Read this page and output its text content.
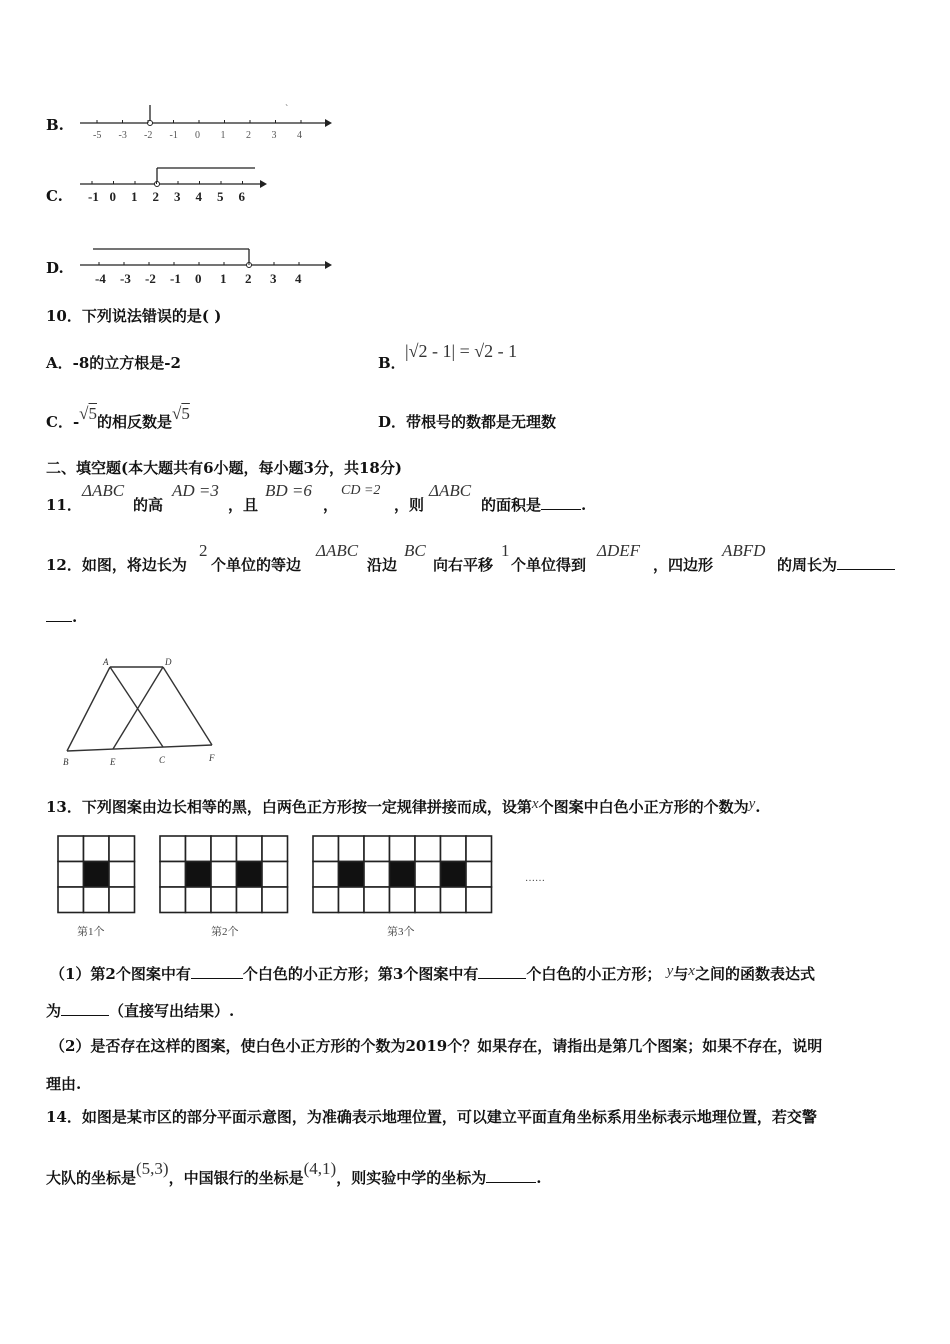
B.
`
-5 -3 -2 -1 0 1 2 3 4
C. -1 0 1 2 3 4 5 6
D.
-4 -3 -2 -1 0 1 2 3 4
10．下列说法错误的是( )
A．-8的立方根是-2	B．
|√2 - 1| = √2 - 1
C．-√5的相反数是√5	D．带根号的数都是无理数
二、填空题(本大题共有6小题，每小题3分，共18分)
11．
ΔABC
的高
AD =3
，且
BD =6
，
CD =2
，则
ΔABC
的面积是	.
12．如图，将边长为
2
个单位的等边
ΔABC
沿边
BC
向右平移
1
个单位得到
ΔDEF
，四边形
ABFD
的周长为
.
A	D
B	E	C	F
13．下列图案由边长相等的黑，白两色正方形按一定规律拼接而成，设第x个图案中白色小正方形的个数为y.
第1个	第2个	第3个
……
（1）第2个图案中有	个白色的小正方形；第3个图案中有	个白色的小正方形； y与x之间的函数表达式
为	（直接写出结果）.
（2）是否存在这样的图案，使白色小正方形的个数为2019个？如果存在，请指出是第几个图案；如果不存在，说明
理由.
14．如图是某市区的部分平面示意图，为准确表示地理位置，可以建立平面直角坐标系用坐标表示地理位置，若交警
大队的坐标是(5,3)，中国银行的坐标是(4,1)，则实验中学的坐标为	.
